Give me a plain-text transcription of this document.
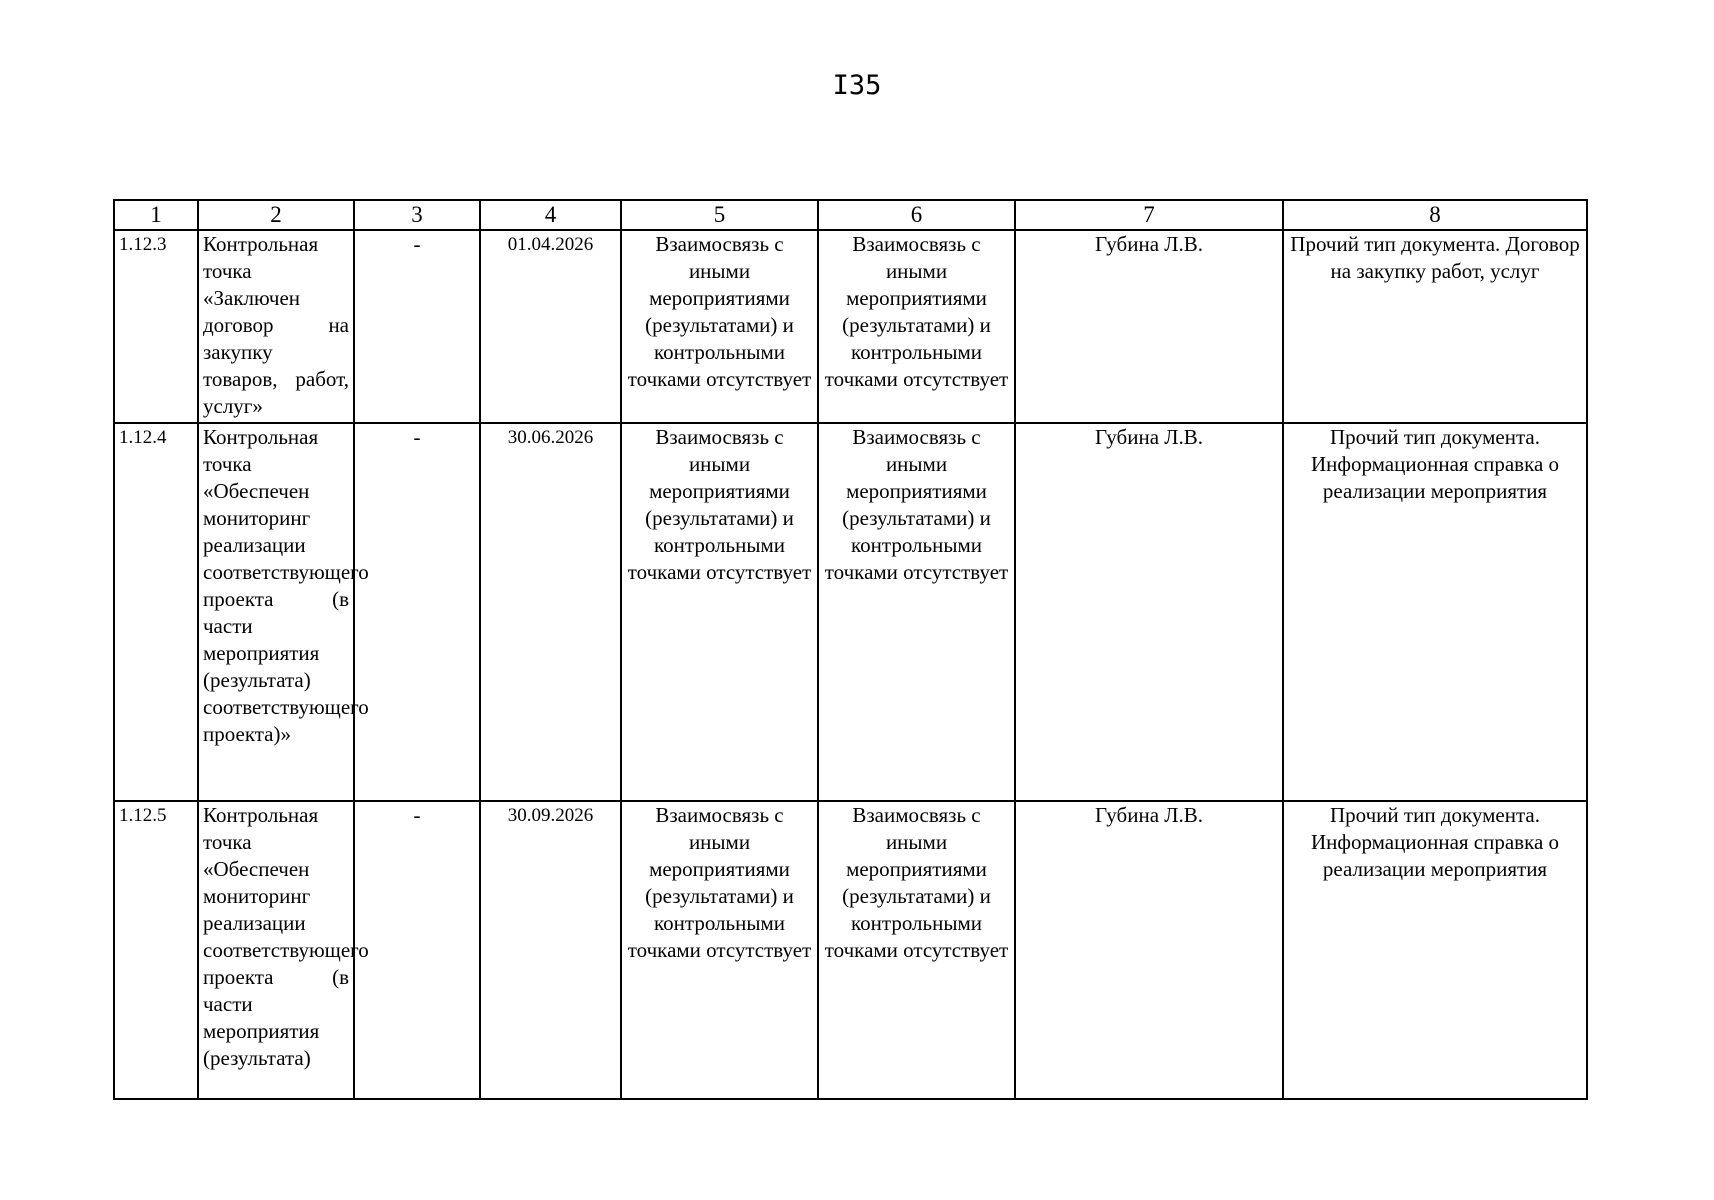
I35
1	2	3	4	5	6	7	8
1.12.3	Контрольная точка «Заключен договор на закупку товаров, работ, услуг»	-	01.04.2026	Взаимосвязь с иными мероприятиями (результатами) и контрольными точками отсутствует	Взаимосвязь с иными мероприятиями (результатами) и контрольными точками отсутствует	Губина Л.В.	Прочий тип документа. Договор на закупку работ, услуг
1.12.4	Контрольная точка «Обеспечен мониторинг реализации соответствующего проекта (в части мероприятия (результата) соответствующего проекта)»	-	30.06.2026	Взаимосвязь с иными мероприятиями (результатами) и контрольными точками отсутствует	Взаимосвязь с иными мероприятиями (результатами) и контрольными точками отсутствует	Губина Л.В.	Прочий тип документа. Информационная справка о реализации мероприятия
1.12.5	Контрольная точка «Обеспечен мониторинг реализации соответствующего проекта (в части мероприятия (результата)	-	30.09.2026	Взаимосвязь с иными мероприятиями (результатами) и контрольными точками отсутствует	Взаимосвязь с иными мероприятиями (результатами) и контрольными точками отсутствует	Губина Л.В.	Прочий тип документа. Информационная справка о реализации мероприятия
